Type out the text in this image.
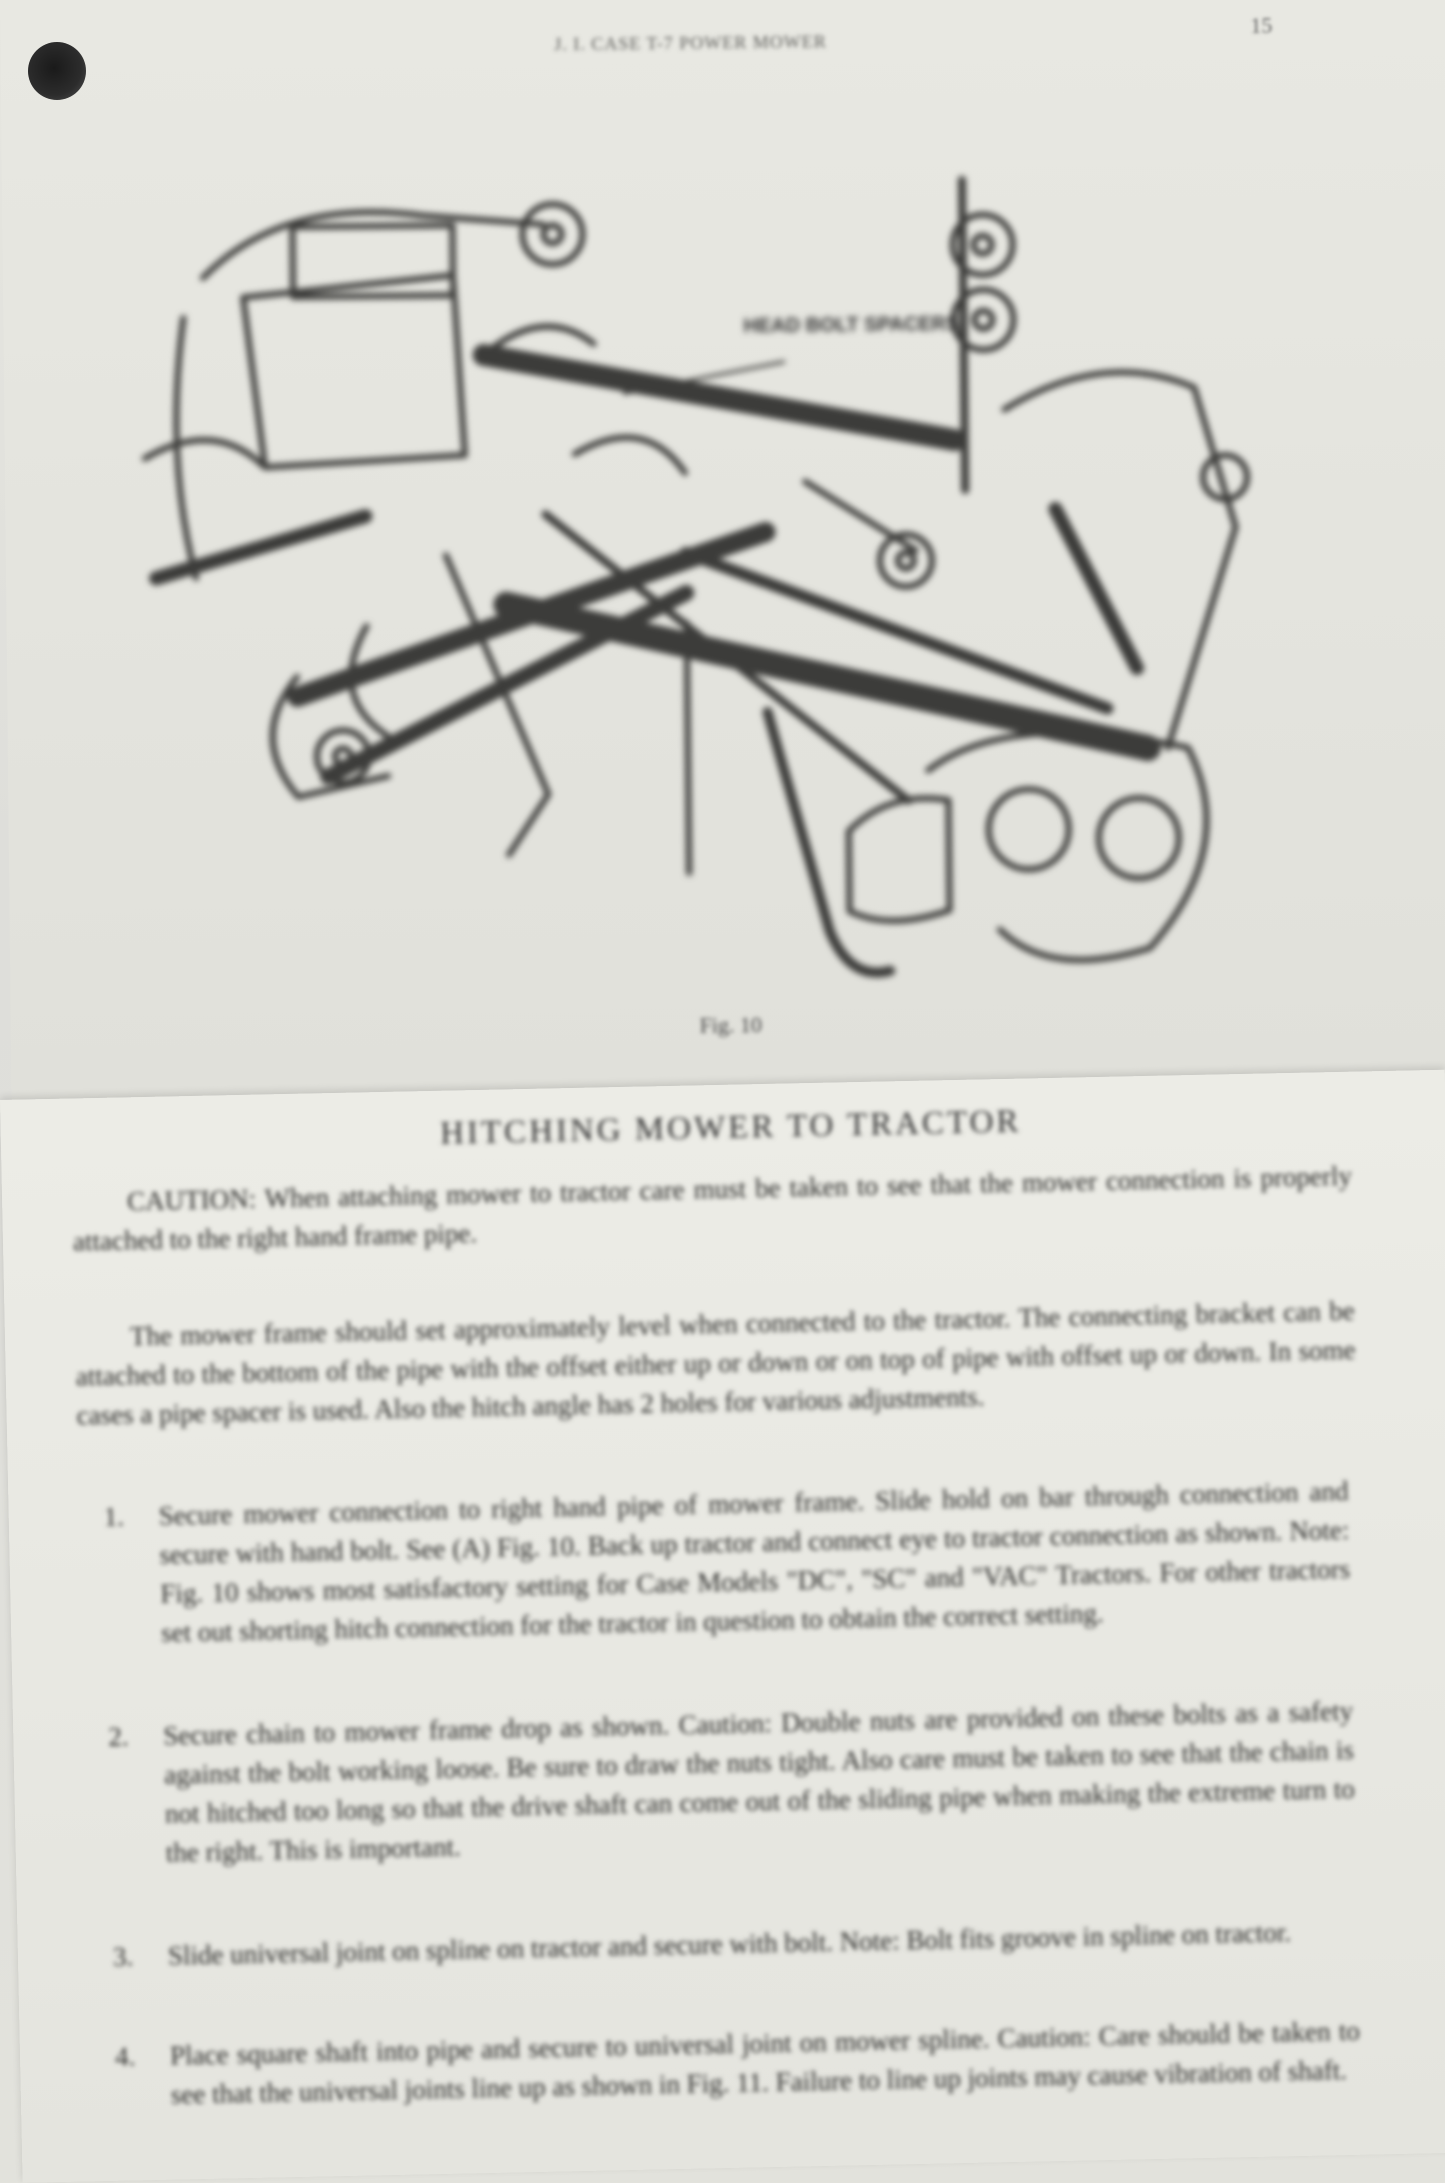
J. I. CASE T-7 POWER MOWER
15
HEAD BOLT SPACERS
Fig. 10
HITCHING MOWER TO TRACTOR
CAUTION: When attaching mower to tractor care must be taken to see that the mower connection is properly attached to the right hand frame pipe.
The mower frame should set approximately level when connected to the tractor. The connecting bracket can be attached to the bottom of the pipe with the offset either up or down or on top of pipe with offset up or down. In some cases a pipe spacer is used. Also the hitch angle has 2 holes for various adjustments.
1. Secure mower connection to right hand pipe of mower frame. Slide hold on bar through connection and secure with hand bolt. See (A) Fig. 10. Back up tractor and connect eye to tractor connection as shown. Note: Fig. 10 shows most satisfactory setting for Case Models "DC", "SC" and "VAC" Tractors. For other tractors set out shorting hitch connection for the tractor in question to obtain the correct setting.
2. Secure chain to mower frame drop as shown. Caution: Double nuts are provided on these bolts as a safety against the bolt working loose. Be sure to draw the nuts tight. Also care must be taken to see that the chain is not hitched too long so that the drive shaft can come out of the sliding pipe when making the extreme turn to the right. This is important.
3. Slide universal joint on spline on tractor and secure with bolt. Note: Bolt fits groove in spline on tractor.
4. Place square shaft into pipe and secure to universal joint on mower spline. Caution: Care should be taken to see that the universal joints line up as shown in Fig. 11. Failure to line up joints may cause vibration of shaft.
